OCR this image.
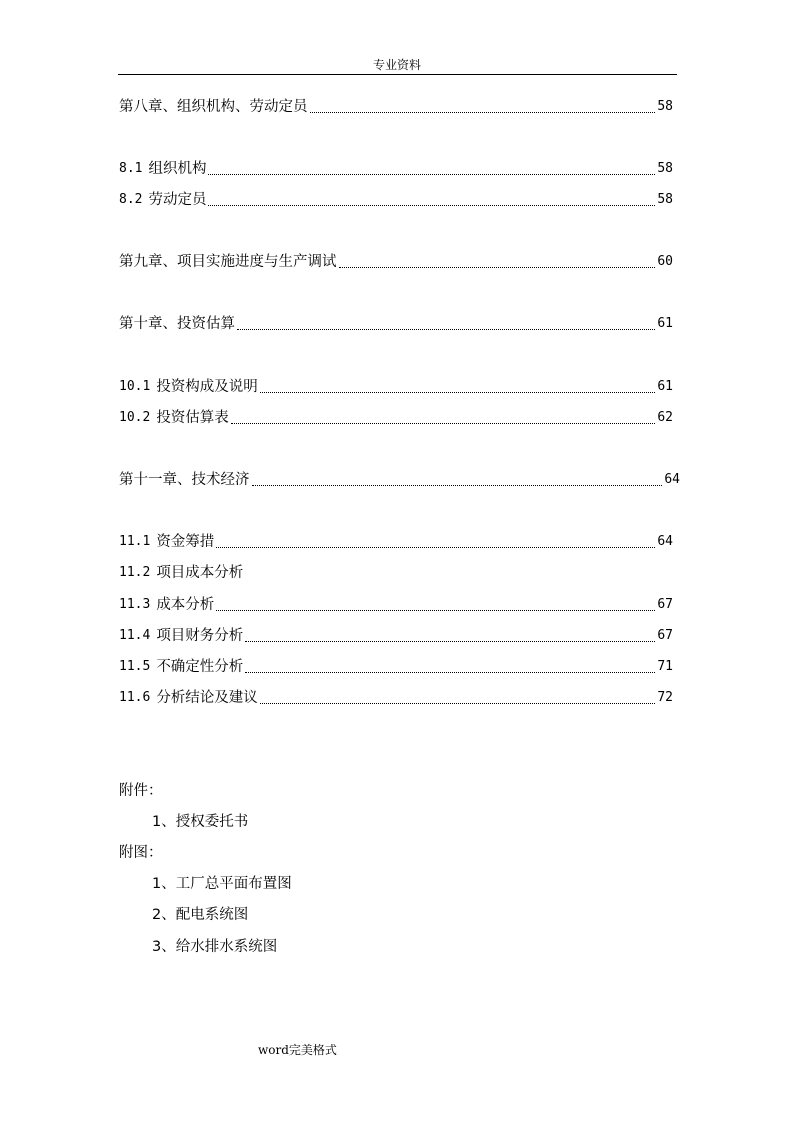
专业资料
第八章、组织机构、劳动定员	58
8.1 组织机构	58
8.2 劳动定员	58
第九章、项目实施进度与生产调试	60
第十章、投资估算	61
10.1 投资构成及说明	61
10.2 投资估算表	62
第十一章、技术经济	64
11.1 资金筹措	64
11.2 项目成本分析
11.3 成本分析	67
11.4 项目财务分析	67
11.5 不确定性分析	71
11.6 分析结论及建议	72
附件：
1、授权委托书
附图：
1、工厂总平面布置图
2、配电系统图
3、给水排水系统图
word完美格式
